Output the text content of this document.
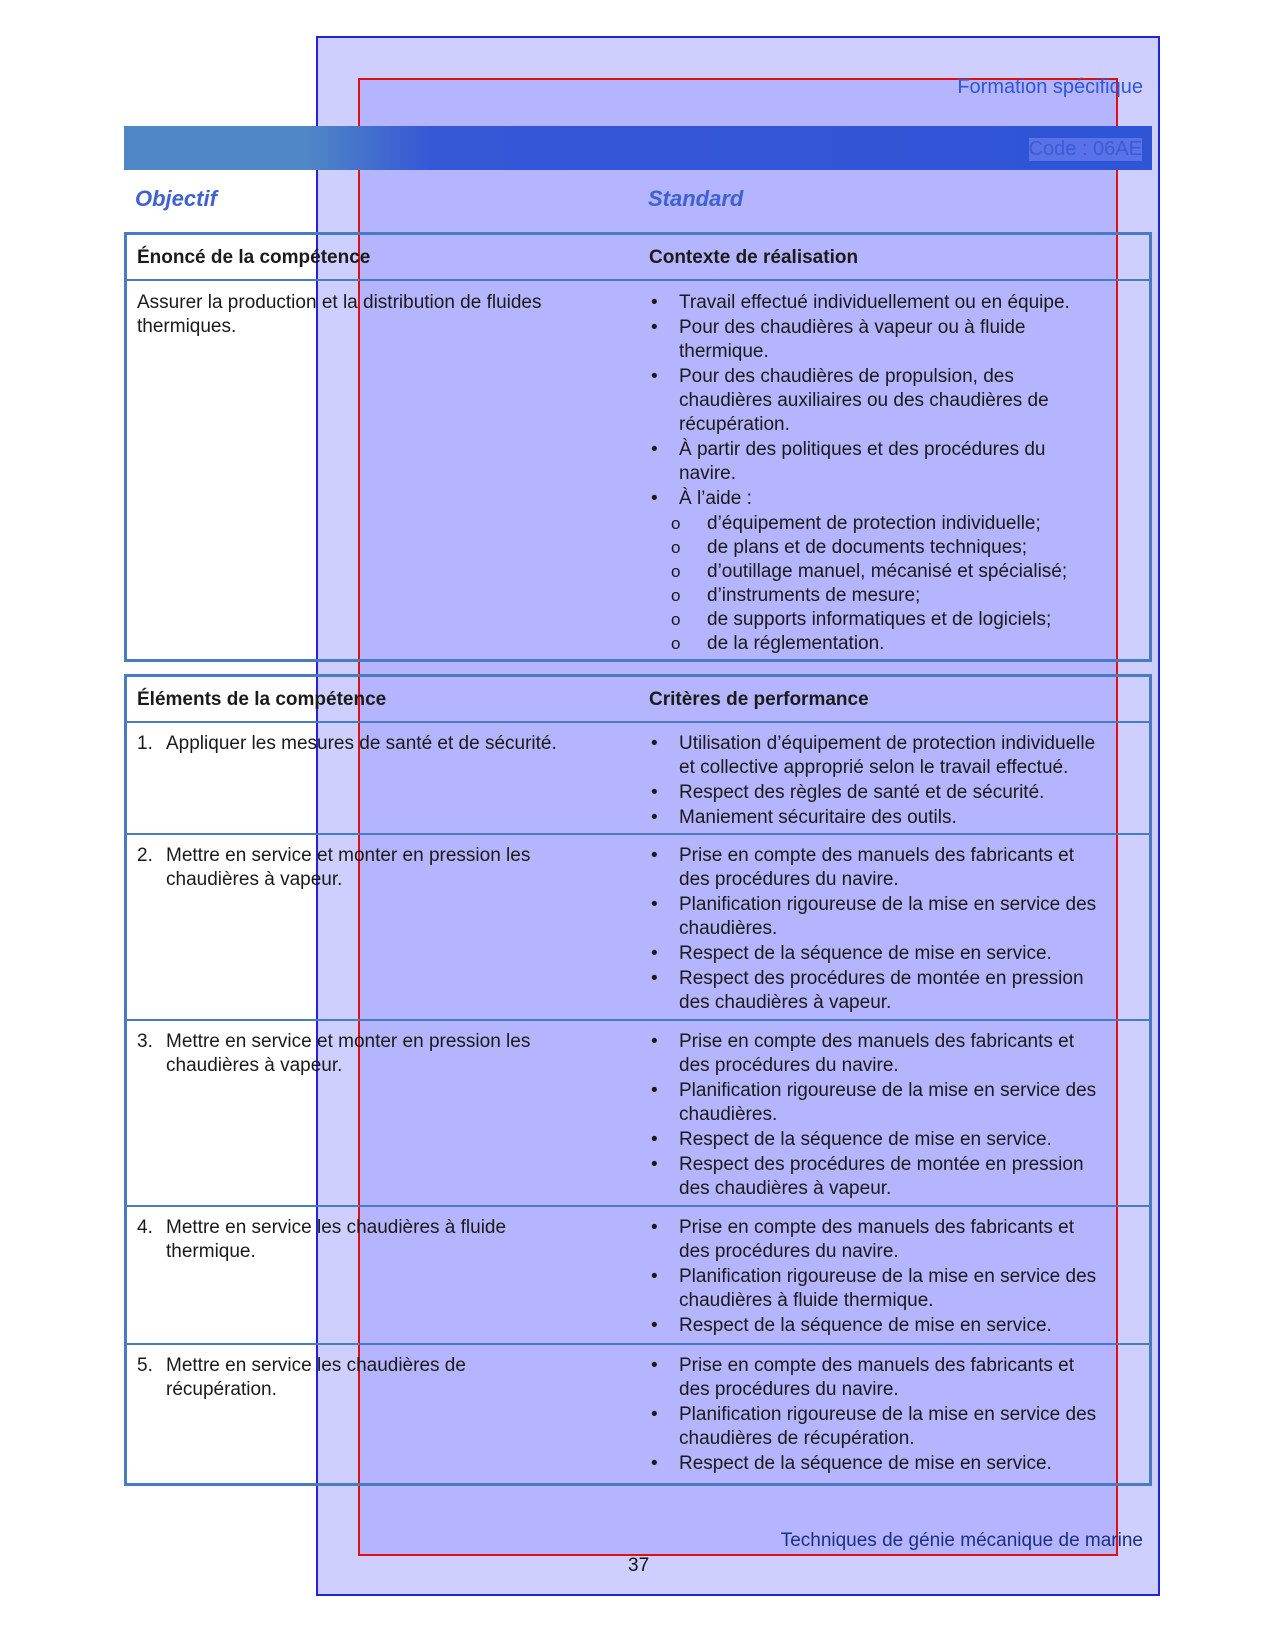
Formation spécifique
Code : 06AE
Objectif	Standard
Énoncé de la compétence	Contexte de réalisation
Assurer la production et la distribution de fluides
thermiques.
• Travail effectué individuellement ou en équipe.
• Pour des chaudières à vapeur ou à fluide
thermique.
• Pour des chaudières de propulsion, des
chaudières auxiliaires ou des chaudières de
récupération.
• À partir des politiques et des procédures du
navire.
• À l’aide :
o d’équipement de protection individuelle;
o de plans et de documents techniques;
o d’outillage manuel, mécanisé et spécialisé;
o d’instruments de mesure;
o de supports informatiques et de logiciels;
o de la réglementation.
Éléments de la compétence	Critères de performance
1. Appliquer les mesures de santé et de sécurité.
•	Utilisation d’équipement de protection individuelle
et collective approprié selon le travail effectué.
• Respect des règles de santé et de sécurité.
• Maniement sécuritaire des outils.
2. Mettre en service et monter en pression les
chaudières à vapeur.
• Prise en compte des manuels des fabricants et
des procédures du navire.
• Planification rigoureuse de la mise en service des
chaudières.
• Respect de la séquence de mise en service.
• Respect des procédures de montée en pression
des chaudières à vapeur.
3. Mettre en service et monter en pression les
chaudières à vapeur.
• Prise en compte des manuels des fabricants et
des procédures du navire.
• Planification rigoureuse de la mise en service des
chaudières.
• Respect de la séquence de mise en service.
• Respect des procédures de montée en pression
des chaudières à vapeur.
4. Mettre en service les chaudières à fluide
thermique.
• Prise en compte des manuels des fabricants et
des procédures du navire.
• Planification rigoureuse de la mise en service des
chaudières à fluide thermique.
• Respect de la séquence de mise en service.
5. Mettre en service les chaudières de
récupération.
• Prise en compte des manuels des fabricants et
des procédures du navire.
• Planification rigoureuse de la mise en service des
chaudières de récupération.
• Respect de la séquence de mise en service.
Techniques de génie mécanique de marine
37
